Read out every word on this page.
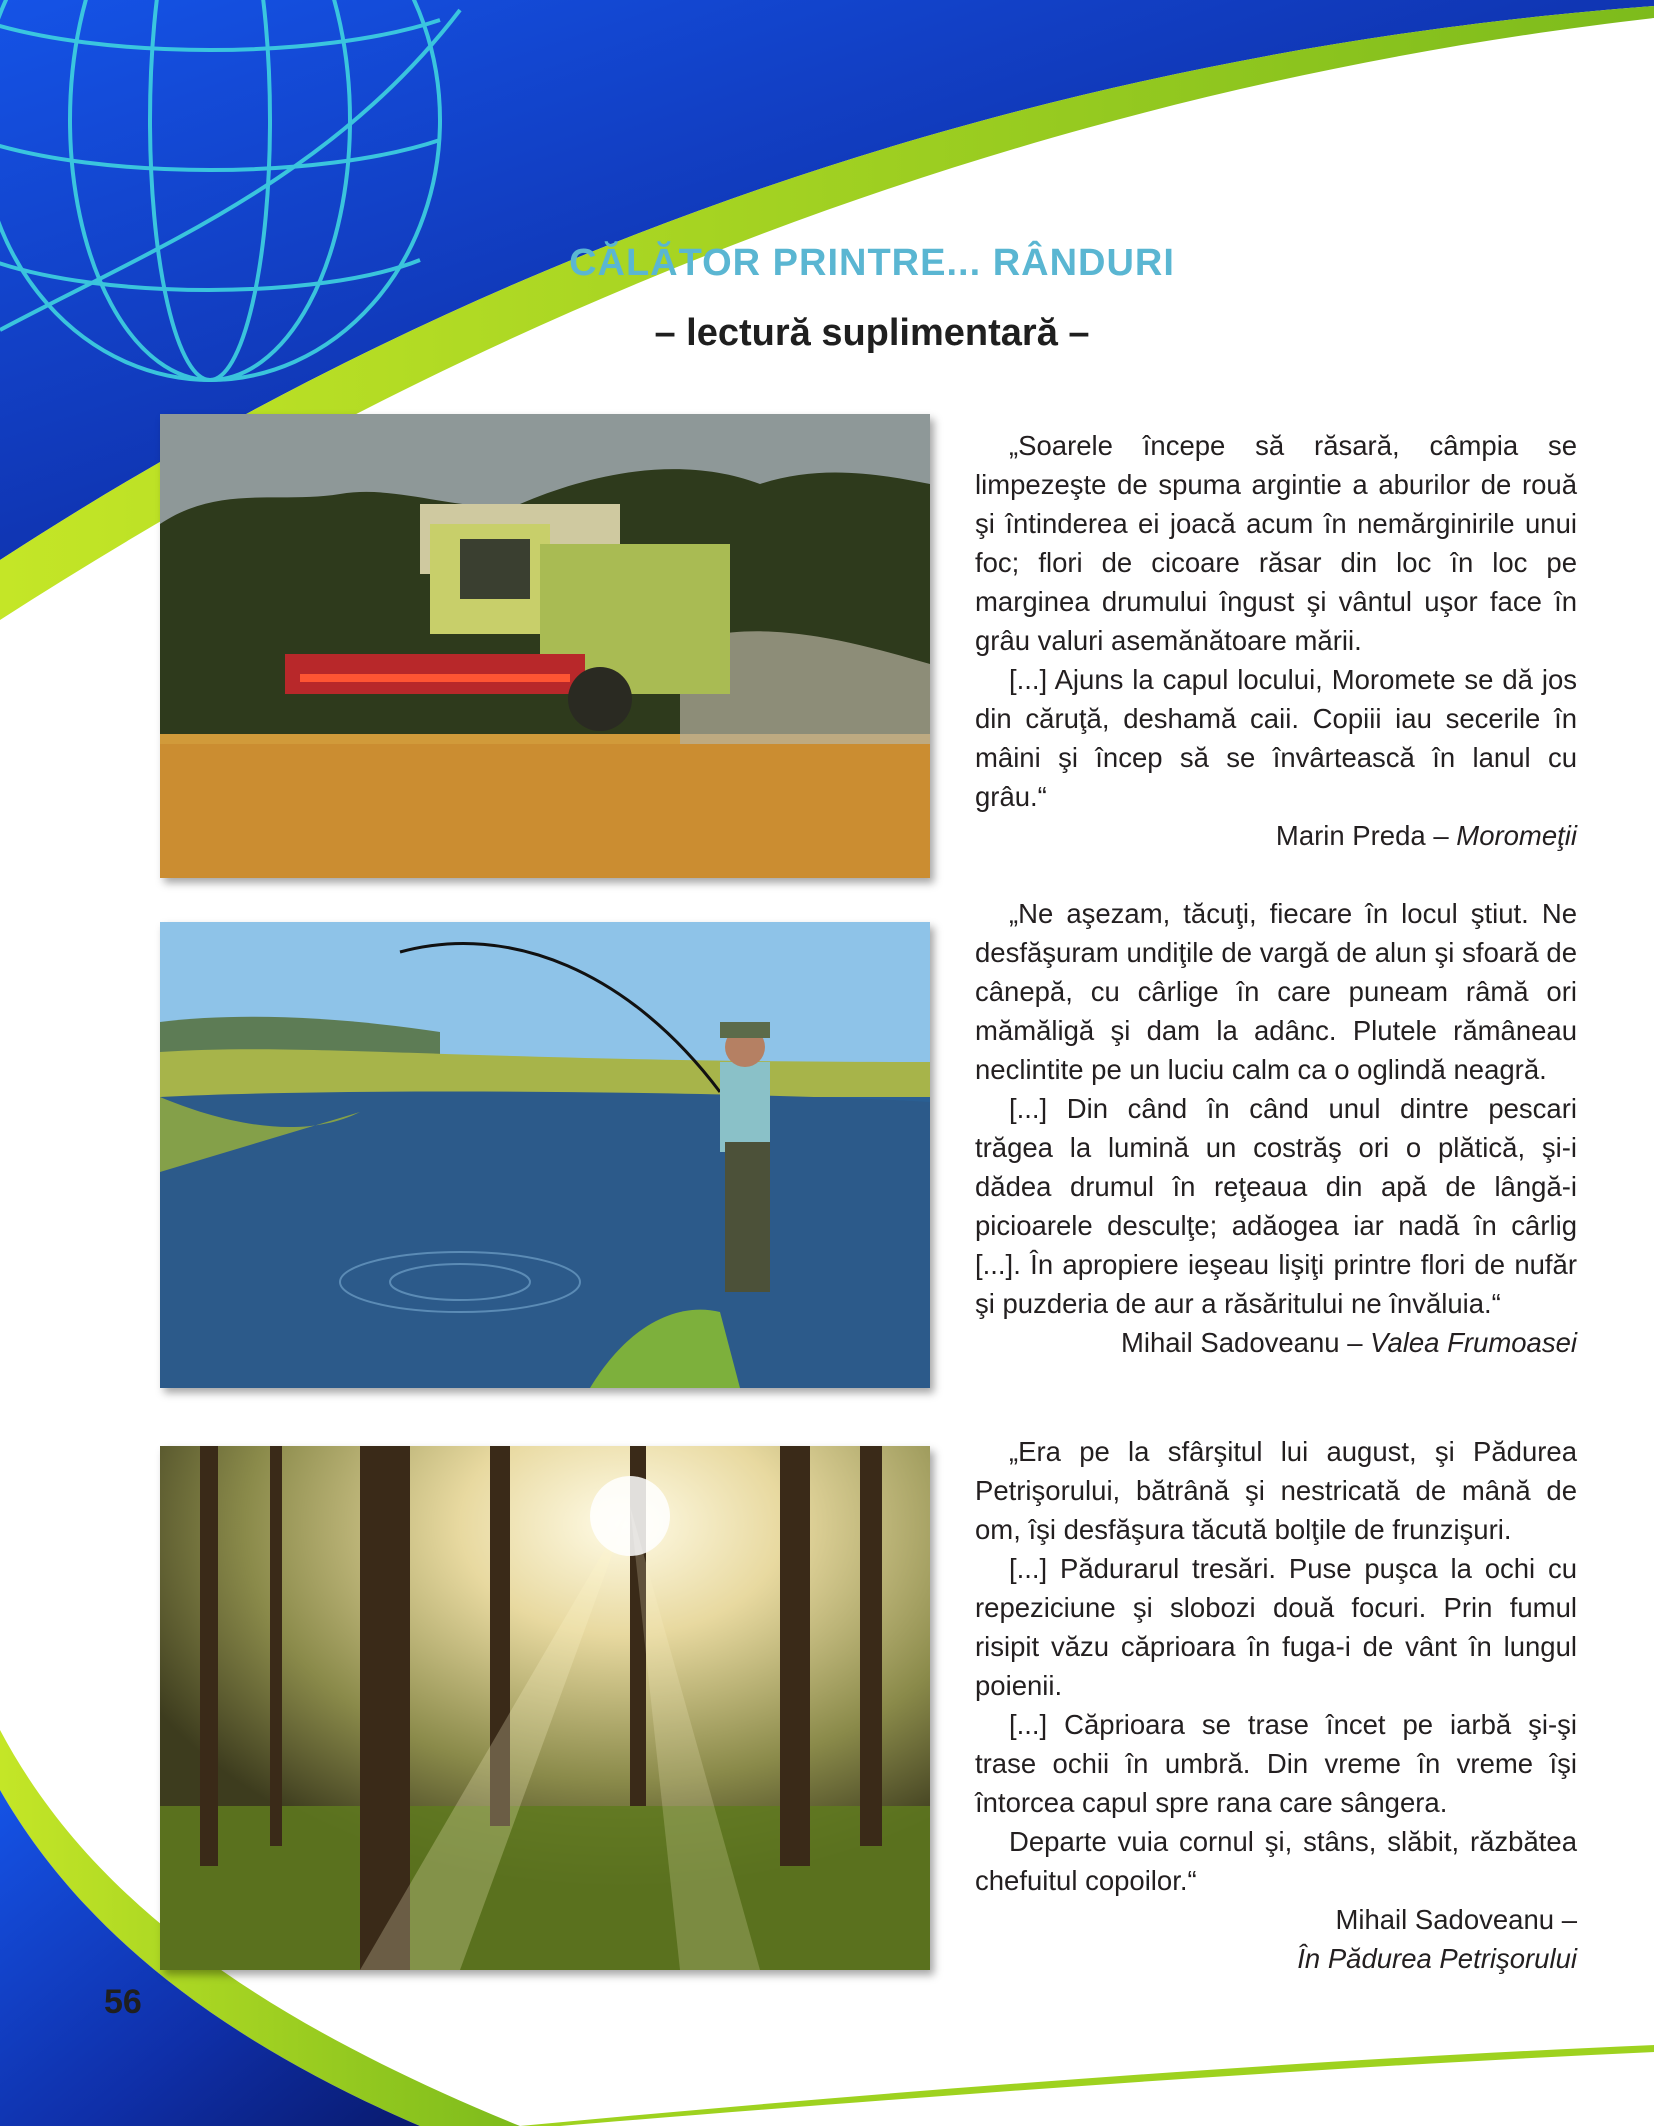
CĂLĂTOR PRINTRE... RÂNDURI
– lectură suplimentară –

„Soarele începe să răsară, câmpia se limpezeşte de spuma argintie a aburilor de rouă şi întinderea ei joacă acum în nemărginirile unui foc; flori de cicoare răsar din loc în loc pe marginea drumului îngust şi vântul uşor face în grâu valuri asemănătoare mării.

[...] Ajuns la capul locului, Moromete se dă jos din căruţă, deshamă caii. Copiii iau secerile în mâini şi încep să se învârtească în lanul cu grâu.“

Marin Preda – Moromeţii

„Ne aşezam, tăcuţi, fiecare în locul ştiut. Ne desfăşuram undiţile de vargă de alun şi sfoară de cânepă, cu cârlige în care puneam râmă ori mămăligă şi dam la adânc. Plutele rămâneau neclintite pe un luciu calm ca o oglindă neagră.

[...] Din când în când unul dintre pescari trăgea la lumină un costrăş ori o plătică, şi-i dădea drumul în reţeaua din apă de lângă-i picioarele desculţe; adăogea iar nadă în cârlig [...]. În apropiere ieşeau lişiţi printre flori de nufăr şi puzderia de aur a răsăritului ne învăluia.“

Mihail Sadoveanu – Valea Frumoasei

„Era pe la sfârşitul lui august, şi Pădurea Petrişorului, bătrână şi nestricată de mână de om, îşi desfăşura tăcută bolţile de frunzişuri.

[...] Pădurarul tresări. Puse puşca la ochi cu repeziciune şi slobozi două focuri. Prin fumul risipit văzu căprioara în fuga-i de vânt în lungul poienii.

[...] Căprioara se trase încet pe iarbă şi-şi trase ochii în umbră. Din vreme în vreme îşi întorcea capul spre rana care sângera.

Departe vuia cornul şi, stâns, slăbit, răzbătea chefuitul copoilor.“

Mihail Sadoveanu –

În Pădurea Petrişorului

56
